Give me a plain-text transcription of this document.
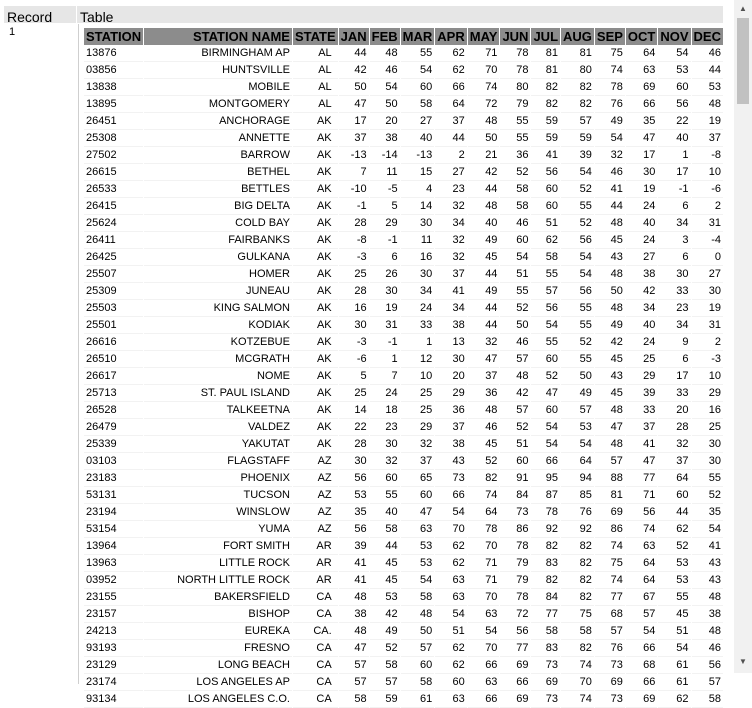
Record	Table
1	STATION	STATION NAME	STATE	JAN	FEB	MAR	APR	MAY	JUN	JUL	AUG	SEP	OCT	NOV	DEC
13876	BIRMINGHAM AP	AL	44	48	55	62	71	78	81	81	75	64	54	46
03856	HUNTSVILLE	AL	42	46	54	62	70	78	81	80	74	63	53	44
13838	MOBILE	AL	50	54	60	66	74	80	82	82	78	69	60	53
13895	MONTGOMERY	AL	47	50	58	64	72	79	82	82	76	66	56	48
26451	ANCHORAGE	AK	17	20	27	37	48	55	59	57	49	35	22	19
25308	ANNETTE	AK	37	38	40	44	50	55	59	59	54	47	40	37
27502	BARROW	AK	-13	-14	-13	2	21	36	41	39	32	17	1	-8
26615	BETHEL	AK	7	11	15	27	42	52	56	54	46	30	17	10
26533	BETTLES	AK	-10	-5	4	23	44	58	60	52	41	19	-1	-6
26415	BIG DELTA	AK	-1	5	14	32	48	58	60	55	44	24	6	2
25624	COLD BAY	AK	28	29	30	34	40	46	51	52	48	40	34	31
26411	FAIRBANKS	AK	-8	-1	11	32	49	60	62	56	45	24	3	-4
26425	GULKANA	AK	-3	6	16	32	45	54	58	54	43	27	6	0
25507	HOMER	AK	25	26	30	37	44	51	55	54	48	38	30	27
25309	JUNEAU	AK	28	30	34	41	49	55	57	56	50	42	33	30
25503	KING SALMON	AK	16	19	24	34	44	52	56	55	48	34	23	19
25501	KODIAK	AK	30	31	33	38	44	50	54	55	49	40	34	31
26616	KOTZEBUE	AK	-3	-1	1	13	32	46	55	52	42	24	9	2
26510	MCGRATH	AK	-6	1	12	30	47	57	60	55	45	25	6	-3
26617	NOME	AK	5	7	10	20	37	48	52	50	43	29	17	10
25713	ST. PAUL ISLAND	AK	25	24	25	29	36	42	47	49	45	39	33	29
26528	TALKEETNA	AK	14	18	25	36	48	57	60	57	48	33	20	16
26479	VALDEZ	AK	22	23	29	37	46	52	54	53	47	37	28	25
25339	YAKUTAT	AK	28	30	32	38	45	51	54	54	48	41	32	30
03103	FLAGSTAFF	AZ	30	32	37	43	52	60	66	64	57	47	37	30
23183	PHOENIX	AZ	56	60	65	73	82	91	95	94	88	77	64	55
53131	TUCSON	AZ	53	55	60	66	74	84	87	85	81	71	60	52
23194	WINSLOW	AZ	35	40	47	54	64	73	78	76	69	56	44	35
53154	YUMA	AZ	56	58	63	70	78	86	92	92	86	74	62	54
13964	FORT SMITH	AR	39	44	53	62	70	78	82	82	74	63	52	41
13963	LITTLE ROCK	AR	41	45	53	62	71	79	83	82	75	64	53	43
03952	NORTH LITTLE ROCK	AR	41	45	54	63	71	79	82	82	74	64	53	43
23155	BAKERSFIELD	CA	48	53	58	63	70	78	84	82	77	67	55	48
23157	BISHOP	CA	38	42	48	54	63	72	77	75	68	57	45	38
24213	EUREKA	CA.	48	49	50	51	54	56	58	58	57	54	51	48
93193	FRESNO	CA	47	52	57	62	70	77	83	82	76	66	54	46
23129	LONG BEACH	CA	57	58	60	62	66	69	73	74	73	68	61	56
23174	LOS ANGELES AP	CA	57	57	58	60	63	66	69	70	69	66	61	57
93134	LOS ANGELES C.O.	CA	58	59	61	63	66	69	73	74	73	69	62	58
▲
▼
